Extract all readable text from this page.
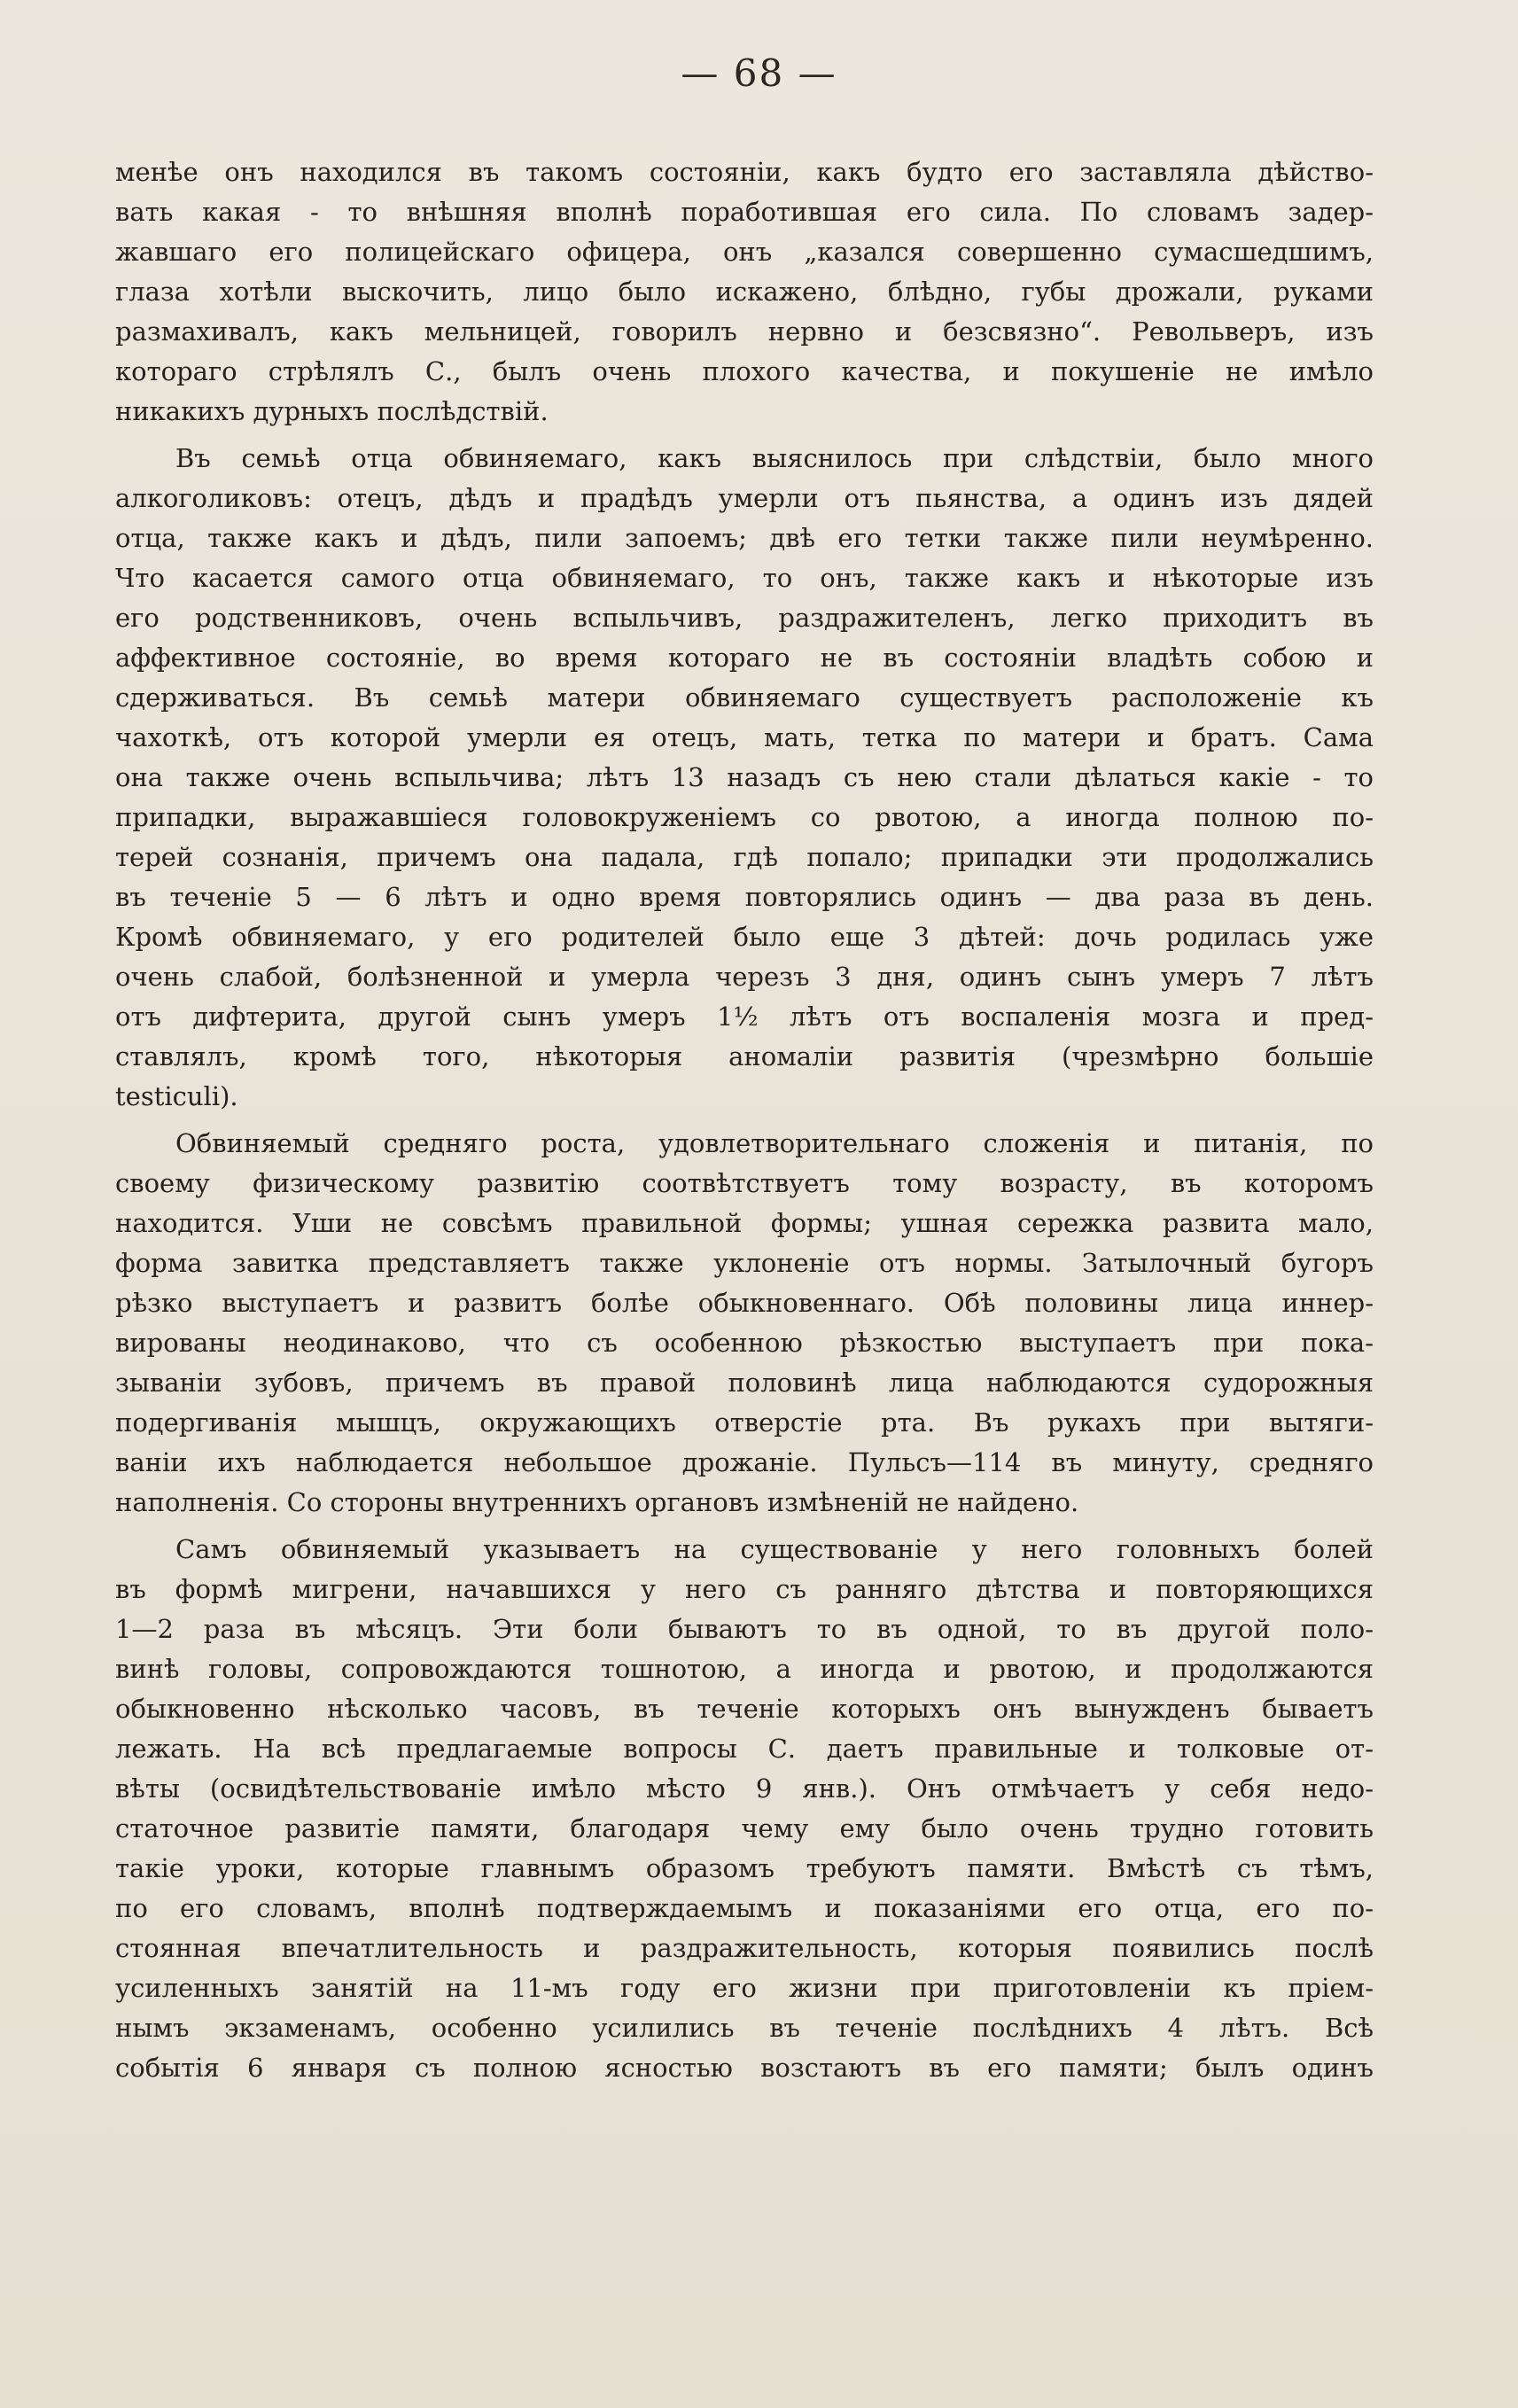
— 68 —
менѣе онъ находился въ такомъ состояніи, какъ будто его заставляла дѣйство-
вать какая - то внѣшняя вполнѣ поработившая его сила. По словамъ задер-
жавшаго его полицейскаго офицера, онъ „казался совершенно сумасшедшимъ,
глаза хотѣли выскочить, лицо было искажено, блѣдно, губы дрожали, руками
размахивалъ, какъ мельницей, говорилъ нервно и безсвязно“. Револьверъ, изъ
котораго стрѣлялъ С., былъ очень плохого качества, и покушеніе не имѣло
никакихъ дурныхъ послѣдствій.
Въ семьѣ отца обвиняемаго, какъ выяснилось при слѣдствіи, было много
алкоголиковъ: отецъ, дѣдъ и прадѣдъ умерли отъ пьянства, а одинъ изъ дядей
отца, также какъ и дѣдъ, пили запоемъ; двѣ его тетки также пили неумѣренно.
Что касается самого отца обвиняемаго, то онъ, также какъ и нѣкоторые изъ
его родственниковъ, очень вспыльчивъ, раздражителенъ, легко приходитъ въ
аффективное состояніе, во время котораго не въ состояніи владѣть собою и
сдерживаться. Въ семьѣ матери обвиняемаго существуетъ расположеніе къ
чахоткѣ, отъ которой умерли ея отецъ, мать, тетка по матери и братъ. Сама
она также очень вспыльчива; лѣтъ 13 назадъ съ нею стали дѣлаться какіе - то
припадки, выражавшіеся головокруженіемъ со рвотою, а иногда полною по-
терей сознанія, причемъ она падала, гдѣ попало; припадки эти продолжались
въ теченіе 5 — 6 лѣтъ и одно время повторялись одинъ — два раза въ день.
Кромѣ обвиняемаго, у его родителей было еще 3 дѣтей: дочь родилась уже
очень слабой, болѣзненной и умерла черезъ 3 дня, одинъ сынъ умеръ 7 лѣтъ
отъ дифтерита, другой сынъ умеръ 1½ лѣтъ отъ воспаленія мозга и пред-
ставлялъ, кромѣ того, нѣкоторыя аномаліи развитія (чрезмѣрно большіе
testiculi).
Обвиняемый средняго роста, удовлетворительнаго сложенія и питанія, по
своему физическому развитію соотвѣтствуетъ тому возрасту, въ которомъ
находится. Уши не совсѣмъ правильной формы; ушная сережка развита мало,
форма завитка представляетъ также уклоненіе отъ нормы. Затылочный бугоръ
рѣзко выступаетъ и развитъ болѣе обыкновеннаго. Обѣ половины лица иннер-
вированы неодинаково, что съ особенною рѣзкостью выступаетъ при пока-
зываніи зубовъ, причемъ въ правой половинѣ лица наблюдаются судорожныя
подергиванія мышцъ, окружающихъ отверстіе рта. Въ рукахъ при вытяги-
ваніи ихъ наблюдается небольшое дрожаніе. Пульсъ—114 въ минуту, средняго
наполненія. Со стороны внутреннихъ органовъ измѣненій не найдено.
Самъ обвиняемый указываетъ на существованіе у него головныхъ болей
въ формѣ мигрени, начавшихся у него съ ранняго дѣтства и повторяющихся
1—2 раза въ мѣсяцъ. Эти боли бываютъ то въ одной, то въ другой поло-
винѣ головы, сопровождаются тошнотою, а иногда и рвотою, и продолжаются
обыкновенно нѣсколько часовъ, въ теченіе которыхъ онъ вынужденъ бываетъ
лежать. На всѣ предлагаемые вопросы С. даетъ правильные и толковые от-
вѣты (освидѣтельствованіе имѣло мѣсто 9 янв.). Онъ отмѣчаетъ у себя недо-
статочное развитіе памяти, благодаря чему ему было очень трудно готовить
такіе уроки, которые главнымъ образомъ требуютъ памяти. Вмѣстѣ съ тѣмъ,
по его словамъ, вполнѣ подтверждаемымъ и показаніями его отца, его по-
стоянная впечатлительность и раздражительность, которыя появились послѣ
усиленныхъ занятій на 11-мъ году его жизни при приготовленіи къ пріем-
нымъ экзаменамъ, особенно усилились въ теченіе послѣднихъ 4 лѣтъ. Всѣ
событія 6 января съ полною ясностью возстаютъ въ его памяти; былъ одинъ
